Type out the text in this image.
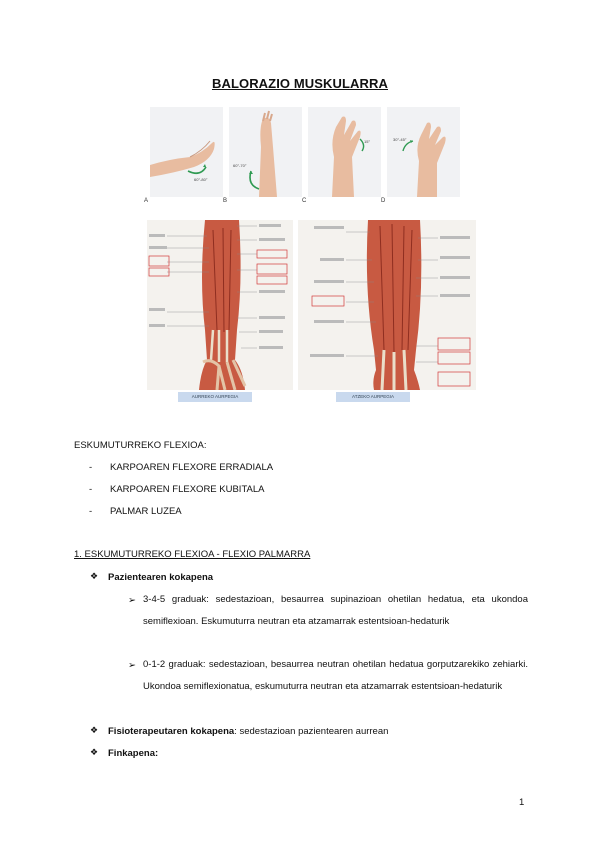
BALORAZIO MUSKULARRA
60°-80°
60°-70°
15°	30°-45°
A	B	C	D
AURREKO AURPEGIA	ATZEKO AURPEGIA
ESKUMUTURREKO FLEXIOA:
-	KARPOAREN FLEXORE ERRADIALA
-	KARPOAREN FLEXORE KUBITALA
-	PALMAR LUZEA
1. ESKUMUTURREKO FLEXIOA - FLEXIO PALMARRA
❖ Pazientearen kokapena
➢ 3-4-5 graduak: sedestazioan, besaurrea supinazioan ohetilan hedatua, eta ukondoa semiflexioan. Eskumuturra neutran eta atzamarrak estentsioan-hedaturik
➢ 0-1-2 graduak: sedestazioan, besaurrea neutran ohetilan hedatua gorputzarekiko zehiarki. Ukondoa semiflexionatua, eskumuturra neutran eta atzamarrak estentsioan-hedaturik
❖ Fisioterapeutaren kokapena: sedestazioan pazientearen aurrean
❖ Finkapena:
1
